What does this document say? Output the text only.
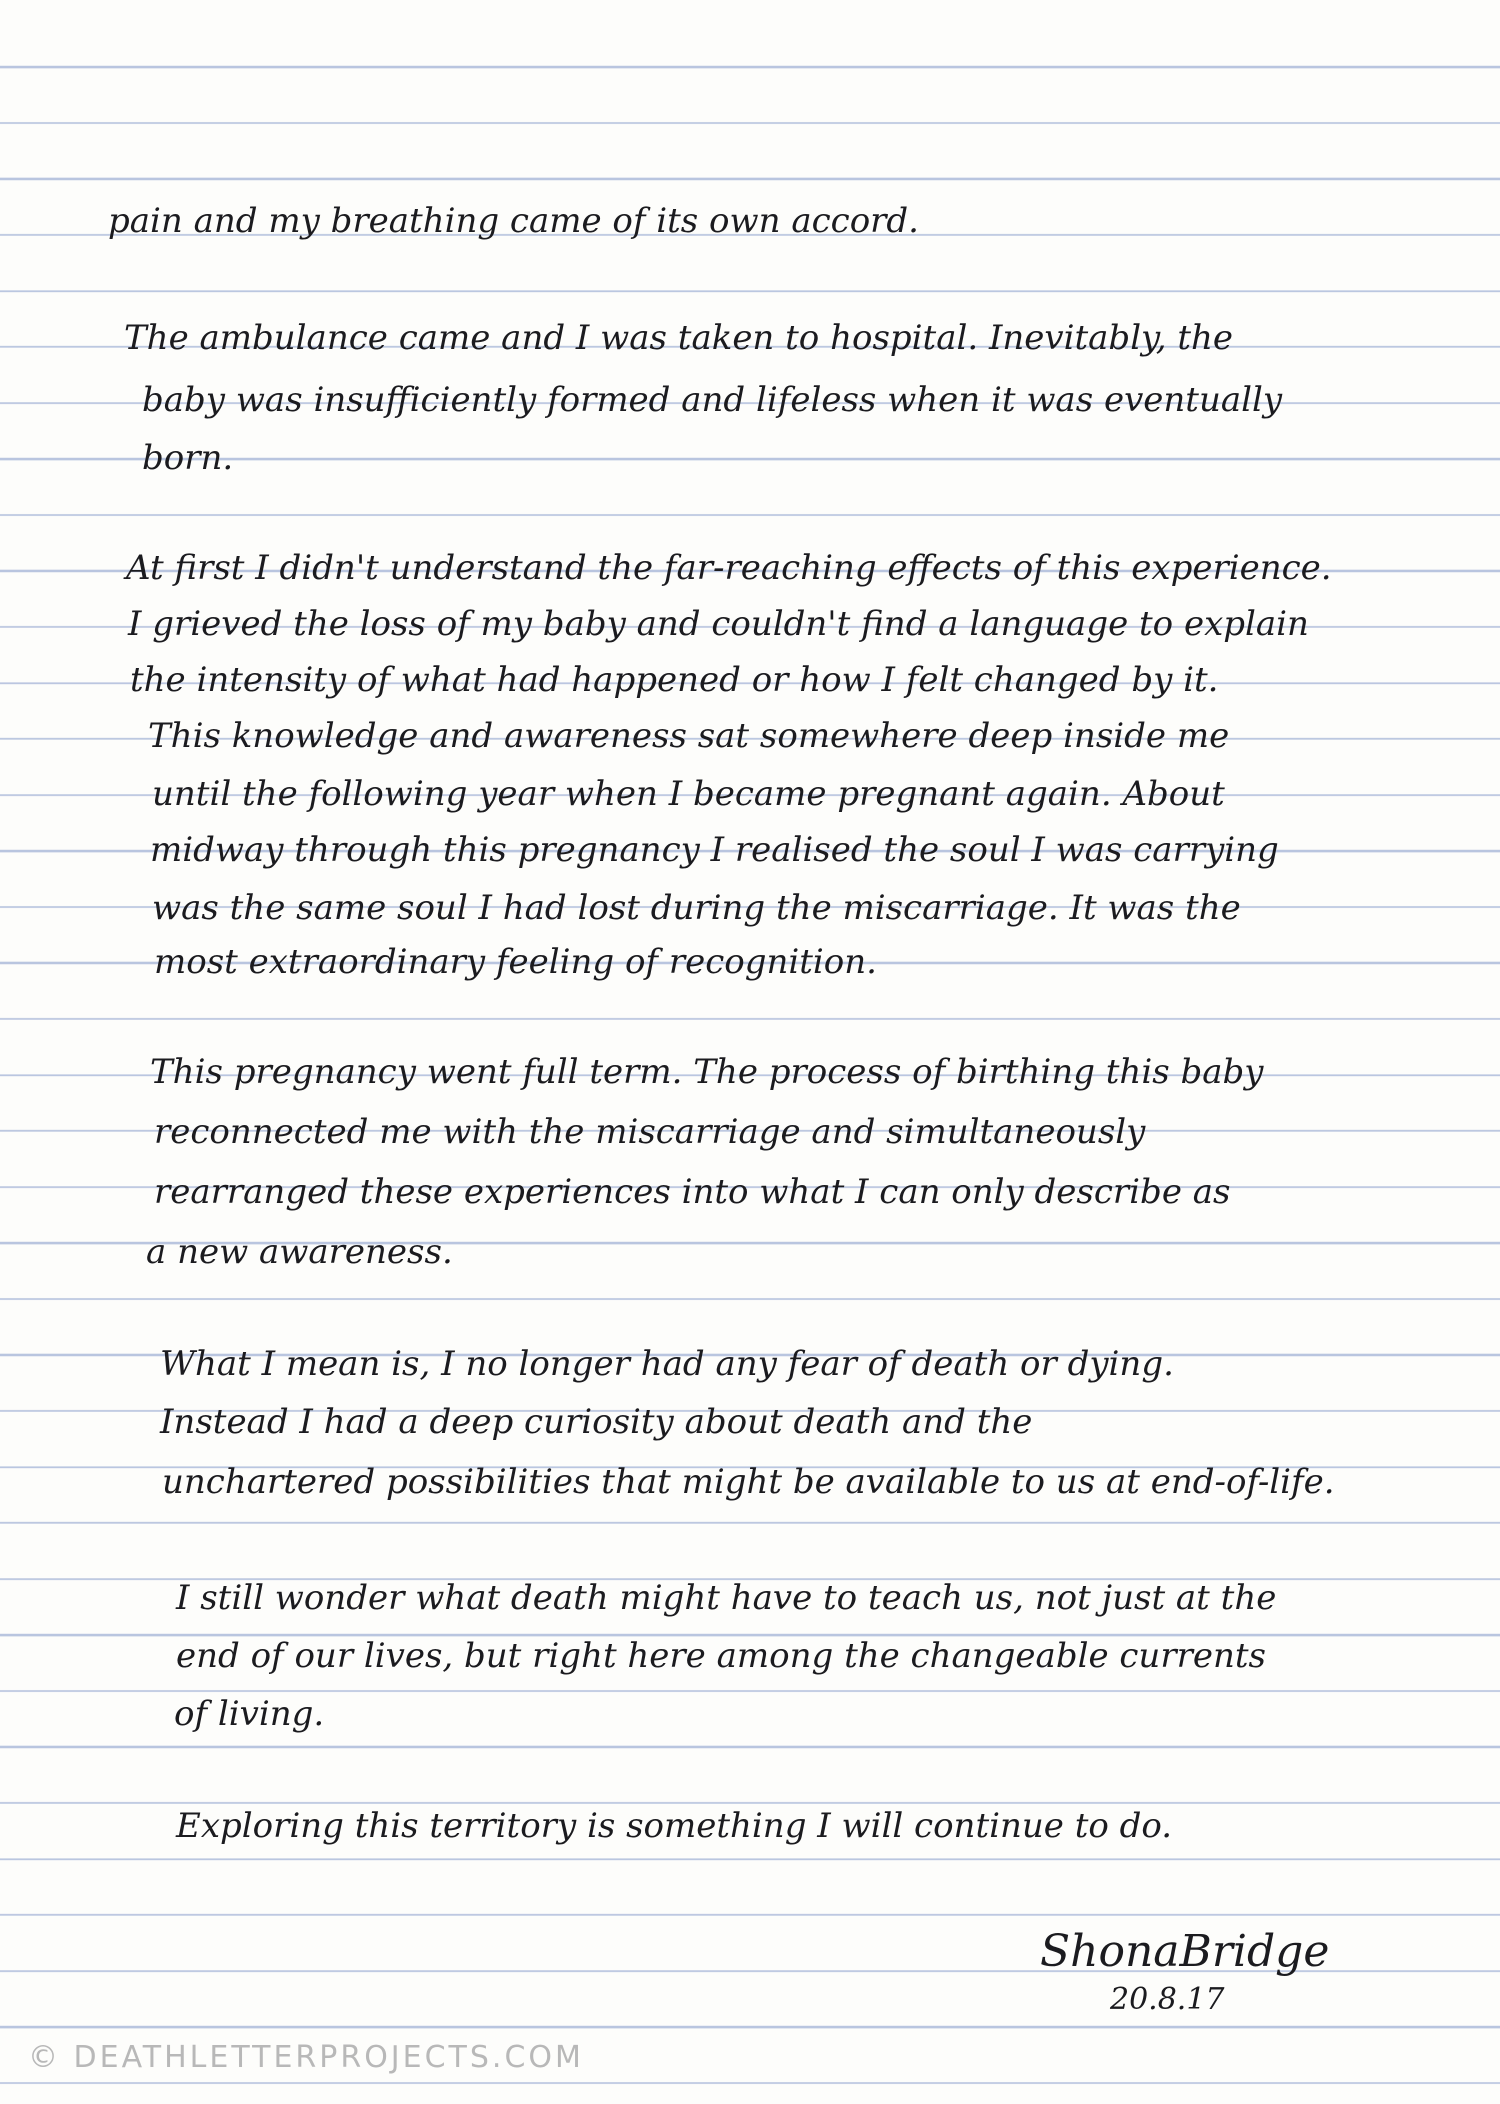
pain and my breathing came of its own accord.
The ambulance came and I was taken to hospital. Inevitably, the
baby was insufficiently formed and lifeless when it was eventually
born.
At first I didn't understand the far-reaching effects of this experience.
I grieved the loss of my baby and couldn't find a language to explain
the intensity of what had happened or how I felt changed by it.
This knowledge and awareness sat somewhere deep inside me
until the following year when I became pregnant again. About
midway through this pregnancy I realised the soul I was carrying
was the same soul I had lost during the miscarriage. It was the
most extraordinary feeling of recognition.
This pregnancy went full term. The process of birthing this baby
reconnected me with the miscarriage and simultaneously
rearranged these experiences into what I can only describe as
a new awareness.
What I mean is, I no longer had any fear of death or dying.
Instead I had a deep curiosity about death and the
unchartered possibilities that might be available to us at end-of-life.
I still wonder what death might have to teach us, not just at the
end of our lives, but right here among the changeable currents
of living.
Exploring this territory is something I will continue to do.
ShonaBridge
20.8.17
© DEATHLETTERPROJECTS.COM
